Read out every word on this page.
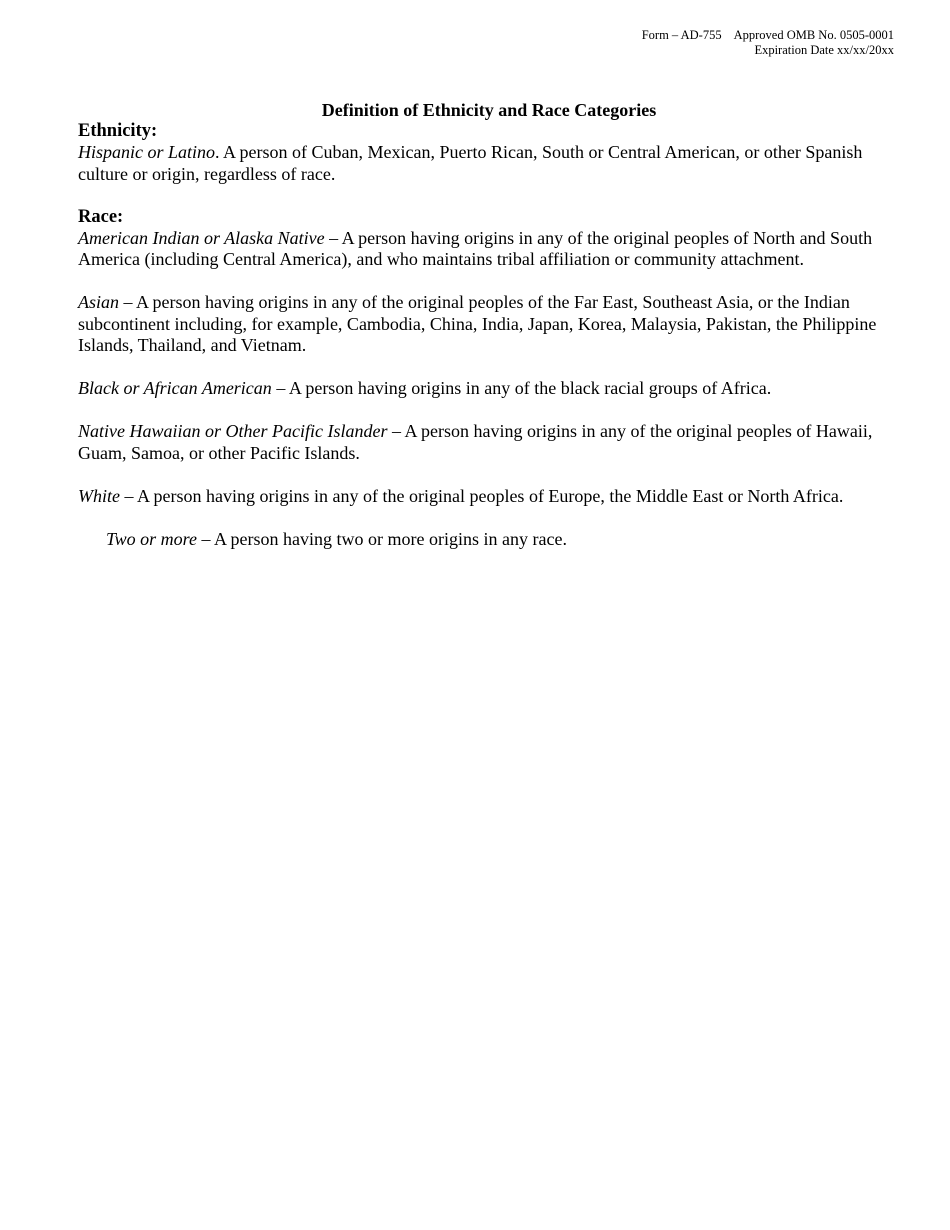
Form – AD-755 Approved OMB No. 0505-0001
Expiration Date xx/xx/20xx

Definition of Ethnicity and Race Categories

Ethnicity:

Hispanic or Latino. A person of Cuban, Mexican, Puerto Rican, South or Central American, or other Spanish culture or origin, regardless of race.

Race:

American Indian or Alaska Native – A person having origins in any of the original peoples of North and South America (including Central America), and who maintains tribal affiliation or community attachment.

Asian – A person having origins in any of the original peoples of the Far East, Southeast Asia, or the Indian subcontinent including, for example, Cambodia, China, India, Japan, Korea, Malaysia, Pakistan, the Philippine Islands, Thailand, and Vietnam.

Black or African American – A person having origins in any of the black racial groups of Africa.

Native Hawaiian or Other Pacific Islander – A person having origins in any of the original peoples of Hawaii, Guam, Samoa, or other Pacific Islands.

White – A person having origins in any of the original peoples of Europe, the Middle East or North Africa.

Two or more – A person having two or more origins in any race.
